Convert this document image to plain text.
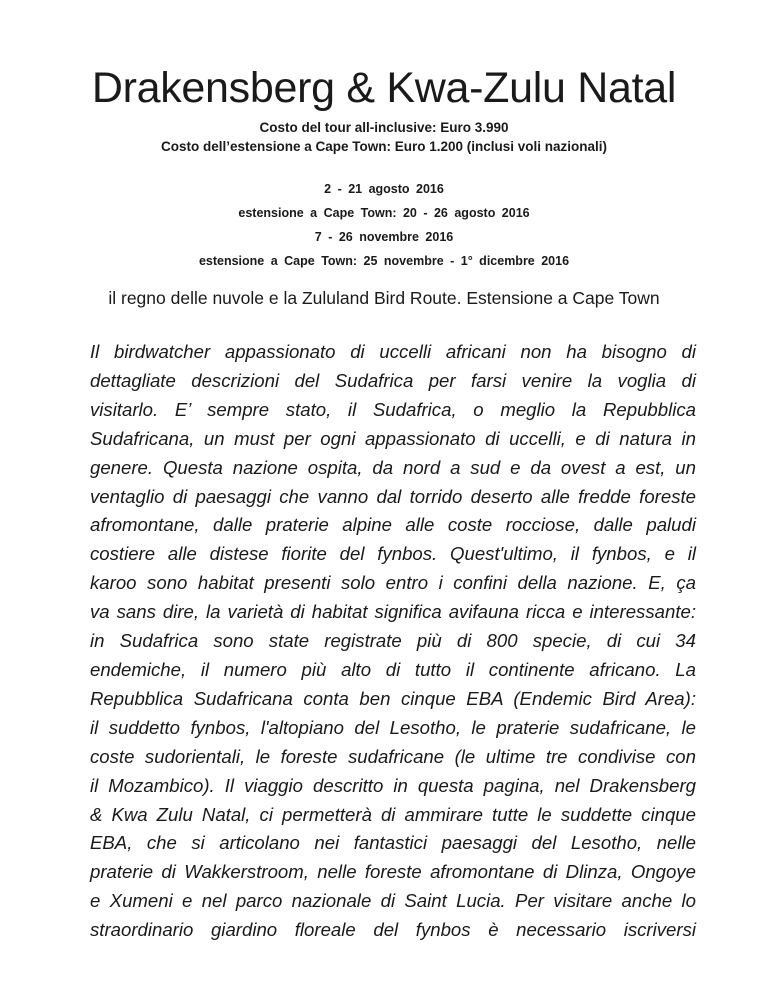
Drakensberg & Kwa-Zulu Natal
Costo del tour all-inclusive: Euro 3.990
Costo dell’estensione a Cape Town: Euro 1.200 (inclusi voli nazionali)
2 - 21 agosto 2016
estensione a Cape Town: 20 - 26 agosto 2016
7 - 26 novembre 2016
estensione a Cape Town: 25 novembre - 1° dicembre 2016
il regno delle nuvole e la Zululand Bird Route. Estensione a Cape Town
Il birdwatcher appassionato di uccelli africani non ha bisogno di
dettagliate descrizioni del Sudafrica per farsi venire la voglia di
visitarlo. E’ sempre stato, il Sudafrica, o meglio la Repubblica
Sudafricana, un must per ogni appassionato di uccelli, e di natura in
genere. Questa nazione ospita, da nord a sud e da ovest a est, un
ventaglio di paesaggi che vanno dal torrido deserto alle fredde foreste
afromontane, dalle praterie alpine alle coste rocciose, dalle paludi
costiere alle distese fiorite del fynbos. Quest'ultimo, il fynbos, e il
karoo sono habitat presenti solo entro i confini della nazione. E, ça
va sans dire, la varietà di habitat significa avifauna ricca e interessante:
in Sudafrica sono state registrate più di 800 specie, di cui 34
endemiche, il numero più alto di tutto il continente africano. La
Repubblica Sudafricana conta ben cinque EBA (Endemic Bird Area):
il suddetto fynbos, l'altopiano del Lesotho, le praterie sudafricane, le
coste sudorientali, le foreste sudafricane (le ultime tre condivise con
il Mozambico). Il viaggio descritto in questa pagina, nel Drakensberg
& Kwa Zulu Natal, ci permetterà di ammirare tutte le suddette cinque
EBA, che si articolano nei fantastici paesaggi del Lesotho, nelle
praterie di Wakkerstroom, nelle foreste afromontane di Dlinza, Ongoye
e Xumeni e nel parco nazionale di Saint Lucia. Per visitare anche lo
straordinario giardino floreale del fynbos è necessario iscriversi
